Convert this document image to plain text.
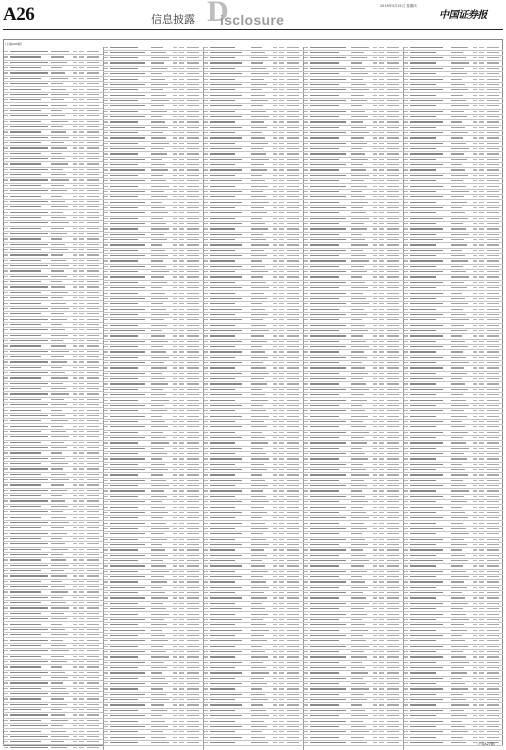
A26	信息披露 D
isclosure
2019年3月21日 星期四
中国证券报
（上接A25版）
（下转A27版）
